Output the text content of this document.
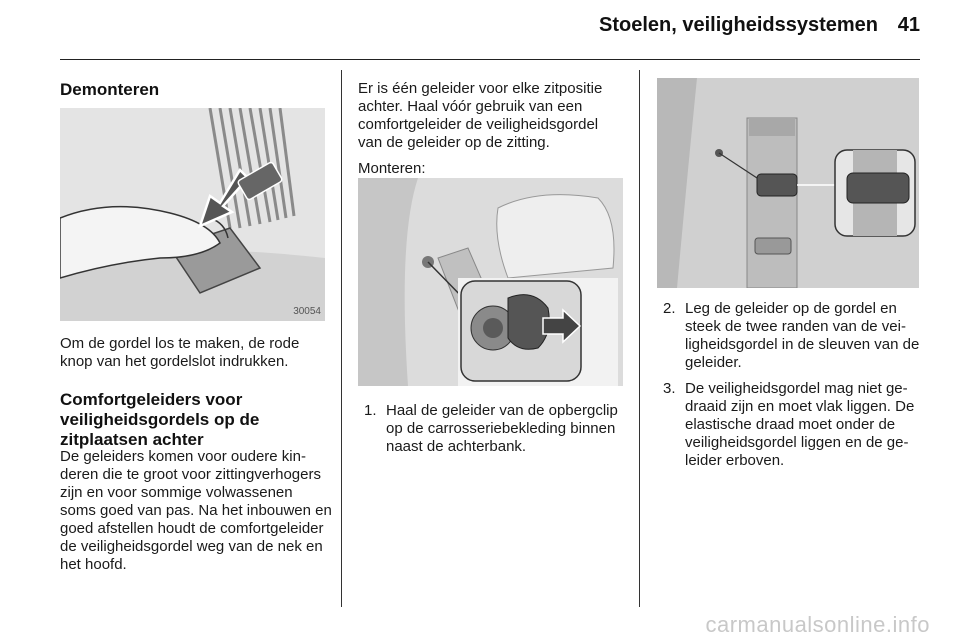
Stoelen, veiligheidssystemen 41
Demonteren
30054

Om de gordel los te maken, de rode knop van het gordelslot indrukken.

Comfortgeleiders voor veiligheidsgordels op de zitplaatsen achter

De geleiders komen voor oudere kinderen die te groot voor zittingverhogers zijn en voor sommige volwassenen soms goed van pas. Na het inbouwen en goed afstellen houdt de comfortgeleider de veiligheidsgordel weg van de nek en het hoofd.

Er is één geleider voor elke zitpositie achter. Haal vóór gebruik van een comfortgeleider de veiligheidsgordel van de geleider op de zitting.

Monteren:
1. Haal de geleider van de opbergclip op de carrosseriebekleding binnen naast de achterbank.
2. Leg de geleider op de gordel en steek de twee randen van de veiligheidsgordel in de sleuven van de geleider.
3. De veiligheidsgordel mag niet gedraaid zijn en moet vlak liggen. De elastische draad moet onder de veiligheidsgordel liggen en de geleider erboven.
carmanualsonline.info
